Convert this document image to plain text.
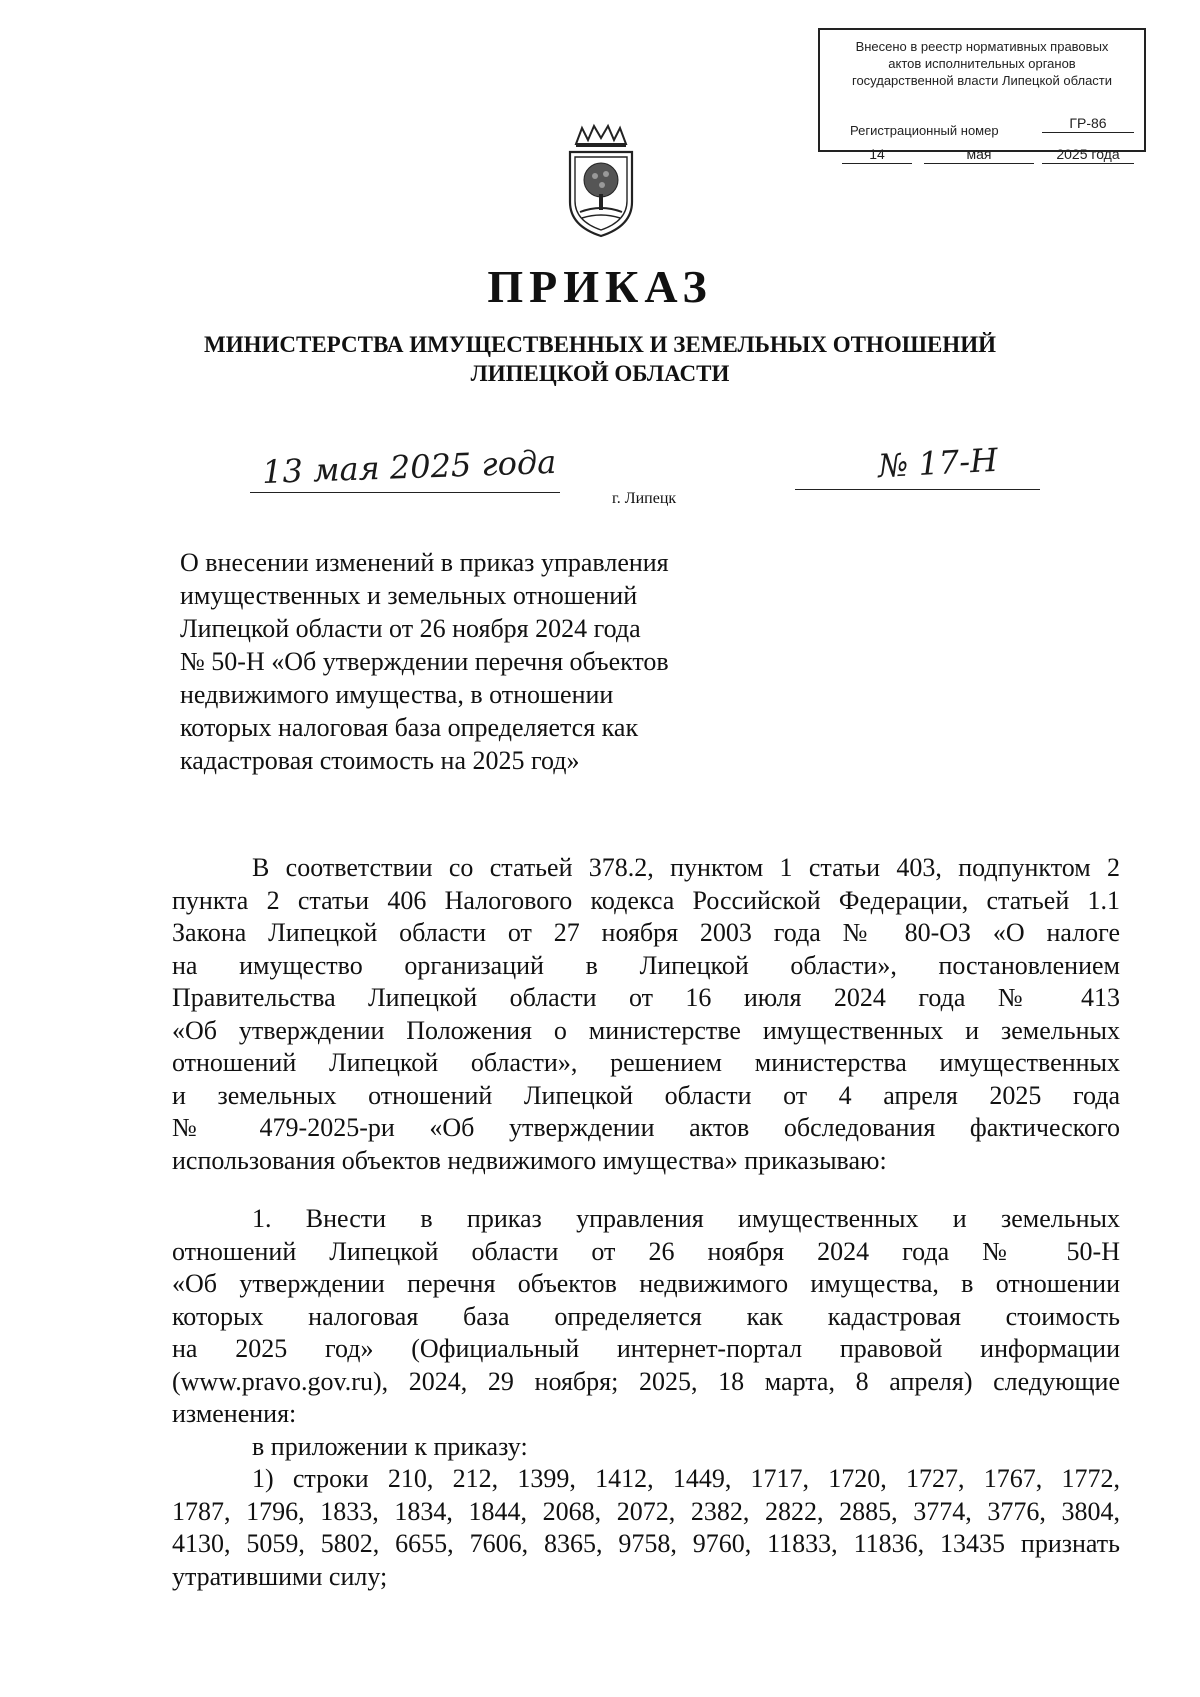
Внесено в реестр нормативных правовых
актов исполнительных органов
государственной власти Липецкой области
Регистрационный номер	ГР-86
14	мая	2025 года
ПРИКАЗ
МИНИСТЕРСТВА ИМУЩЕСТВЕННЫХ И ЗЕМЕЛЬНЫХ ОТНОШЕНИЙ
ЛИПЕЦКОЙ ОБЛАСТИ
13 мая 2025 года
г. Липецк
№ 17-Н
О внесении изменений в приказ управления
имущественных и земельных отношений
Липецкой области от 26 ноября 2024 года
№ 50-Н «Об утверждении перечня объектов
недвижимого имущества, в отношении
которых налоговая база определяется как
кадастровая стоимость на 2025 год»
В соответствии со статьей 378.2, пунктом 1 статьи 403, подпунктом 2
пункта 2 статьи 406 Налогового кодекса Российской Федерации, статьей 1.1
Закона Липецкой области от 27 ноября 2003 года № 80-ОЗ «О налоге
на имущество организаций в Липецкой области», постановлением
Правительства Липецкой области от 16 июля 2024 года № 413
«Об утверждении Положения о министерстве имущественных и земельных
отношений Липецкой области», решением министерства имущественных
и земельных отношений Липецкой области от 4 апреля 2025 года
№ 479-2025-ри «Об утверждении актов обследования фактического
использования объектов недвижимого имущества» приказываю:
1. Внести в приказ управления имущественных и земельных
отношений Липецкой области от 26 ноября 2024 года № 50-Н
«Об утверждении перечня объектов недвижимого имущества, в отношении
которых налоговая база определяется как кадастровая стоимость
на 2025 год» (Официальный интернет-портал правовой информации
(www.pravo.gov.ru), 2024, 29 ноября; 2025, 18 марта, 8 апреля) следующие
изменения:
в приложении к приказу:
1) строки 210, 212, 1399, 1412, 1449, 1717, 1720, 1727, 1767, 1772,
1787, 1796, 1833, 1834, 1844, 2068, 2072, 2382, 2822, 2885, 3774, 3776, 3804,
4130, 5059, 5802, 6655, 7606, 8365, 9758, 9760, 11833, 11836, 13435 признать
утратившими силу;
